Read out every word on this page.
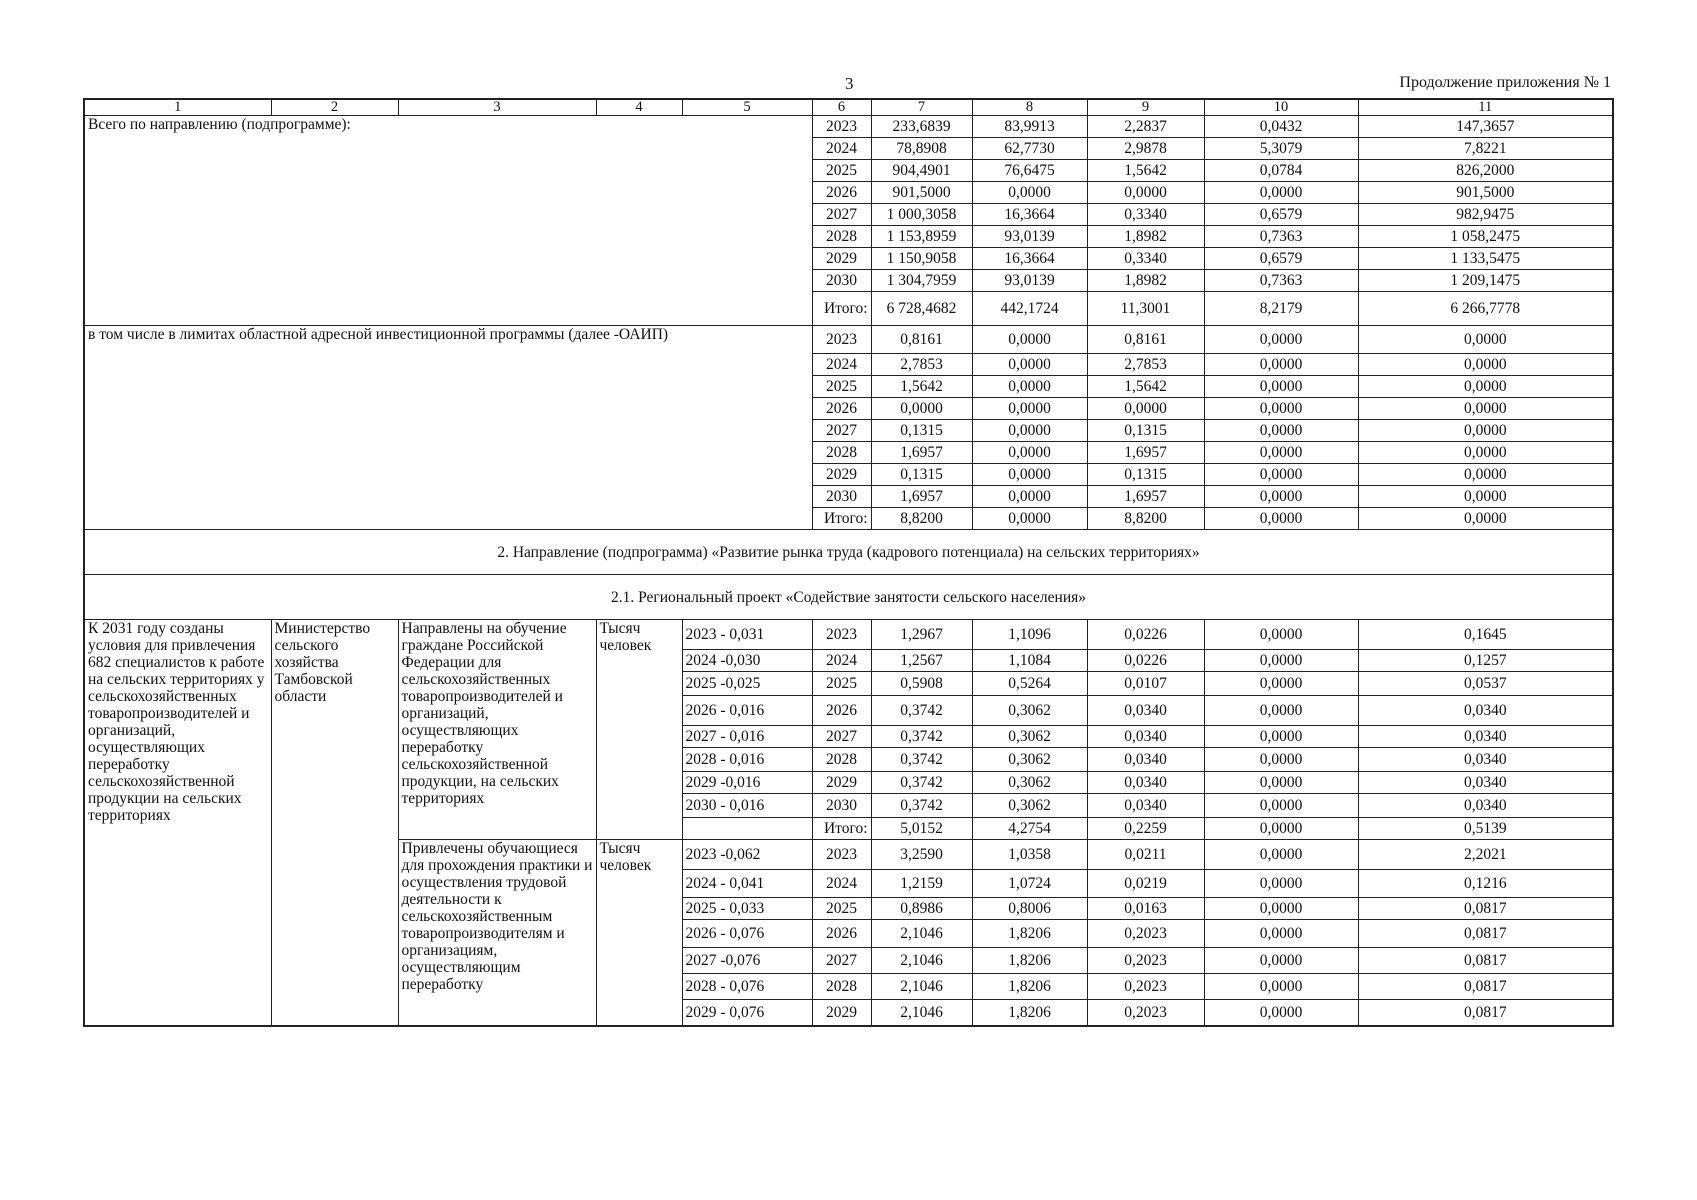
3	Продолжение приложения № 1
1	2	3	4	5	6	7	8	9	10	11
Всего по направлению (подпрограмме):					2023	233,6839	83,9913	2,2837	0,0432	147,3657
					2024	78,8908	62,7730	2,9878	5,3079	7,8221
					2025	904,4901	76,6475	1,5642	0,0784	826,2000
					2026	901,5000	0,0000	0,0000	0,0000	901,5000
					2027	1 000,3058	16,3664	0,3340	0,6579	982,9475
					2028	1 153,8959	93,0139	1,8982	0,7363	1 058,2475
					2029	1 150,9058	16,3664	0,3340	0,6579	1 133,5475
					2030	1 304,7959	93,0139	1,8982	0,7363	1 209,1475
					Итого:	6 728,4682	442,1724	11,3001	8,2179	6 266,7778
в том числе в лимитах областной адресной инвестиционной программы (далее -ОАИП)					2023	0,8161	0,0000	0,8161	0,0000	0,0000
					2024	2,7853	0,0000	2,7853	0,0000	0,0000
					2025	1,5642	0,0000	1,5642	0,0000	0,0000
					2026	0,0000	0,0000	0,0000	0,0000	0,0000
					2027	0,1315	0,0000	0,1315	0,0000	0,0000
					2028	1,6957	0,0000	1,6957	0,0000	0,0000
					2029	0,1315	0,0000	0,1315	0,0000	0,0000
					2030	1,6957	0,0000	1,6957	0,0000	0,0000
					Итого:	8,8200	0,0000	8,8200	0,0000	0,0000
2. Направление (подпрограмма) «Развитие рынка труда (кадрового потенциала) на сельских территориях»										
2.1. Региональный проект «Содействие занятости сельского населения»										
К 2031 году созданы условия для привлечения 682 специалистов к работе на сельских территориях у сельскохозяйственных товаропроизводителей и организаций, осуществляющих переработку сельскохозяйственной продукции на сельских территориях	Министерство сельского хозяйства Тамбовской области	Направлены на обучение граждане Российской Федерации для сельскохозяйственных товаропроизводителей и организаций, осуществляющих переработку сельскохозяйственной продукции, на сельских территориях	Тысяч человек	2023 - 0,031	2023	1,2967	1,1096	0,0226	0,0000	0,1645
				2024 -0,030	2024	1,2567	1,1084	0,0226	0,0000	0,1257
				2025 -0,025	2025	0,5908	0,5264	0,0107	0,0000	0,0537
				2026 - 0,016	2026	0,3742	0,3062	0,0340	0,0000	0,0340
				2027 - 0,016	2027	0,3742	0,3062	0,0340	0,0000	0,0340
				2028 - 0,016	2028	0,3742	0,3062	0,0340	0,0000	0,0340
				2029 -0,016	2029	0,3742	0,3062	0,0340	0,0000	0,0340
				2030 - 0,016	2030	0,3742	0,3062	0,0340	0,0000	0,0340
					Итого:	5,0152	4,2754	0,2259	0,0000	0,5139
		Привлечены обучающиеся для прохождения практики и осуществления трудовой деятельности к сельскохозяйственным товаропроизводителям и организациям, осуществляющим переработку	Тысяч человек	2023 -0,062	2023	3,2590	1,0358	0,0211	0,0000	2,2021
				2024 - 0,041	2024	1,2159	1,0724	0,0219	0,0000	0,1216
				2025 - 0,033	2025	0,8986	0,8006	0,0163	0,0000	0,0817
				2026 - 0,076	2026	2,1046	1,8206	0,2023	0,0000	0,0817
				2027 -0,076	2027	2,1046	1,8206	0,2023	0,0000	0,0817
				2028 - 0,076	2028	2,1046	1,8206	0,2023	0,0000	0,0817
				2029 - 0,076	2029	2,1046	1,8206	0,2023	0,0000	0,0817
